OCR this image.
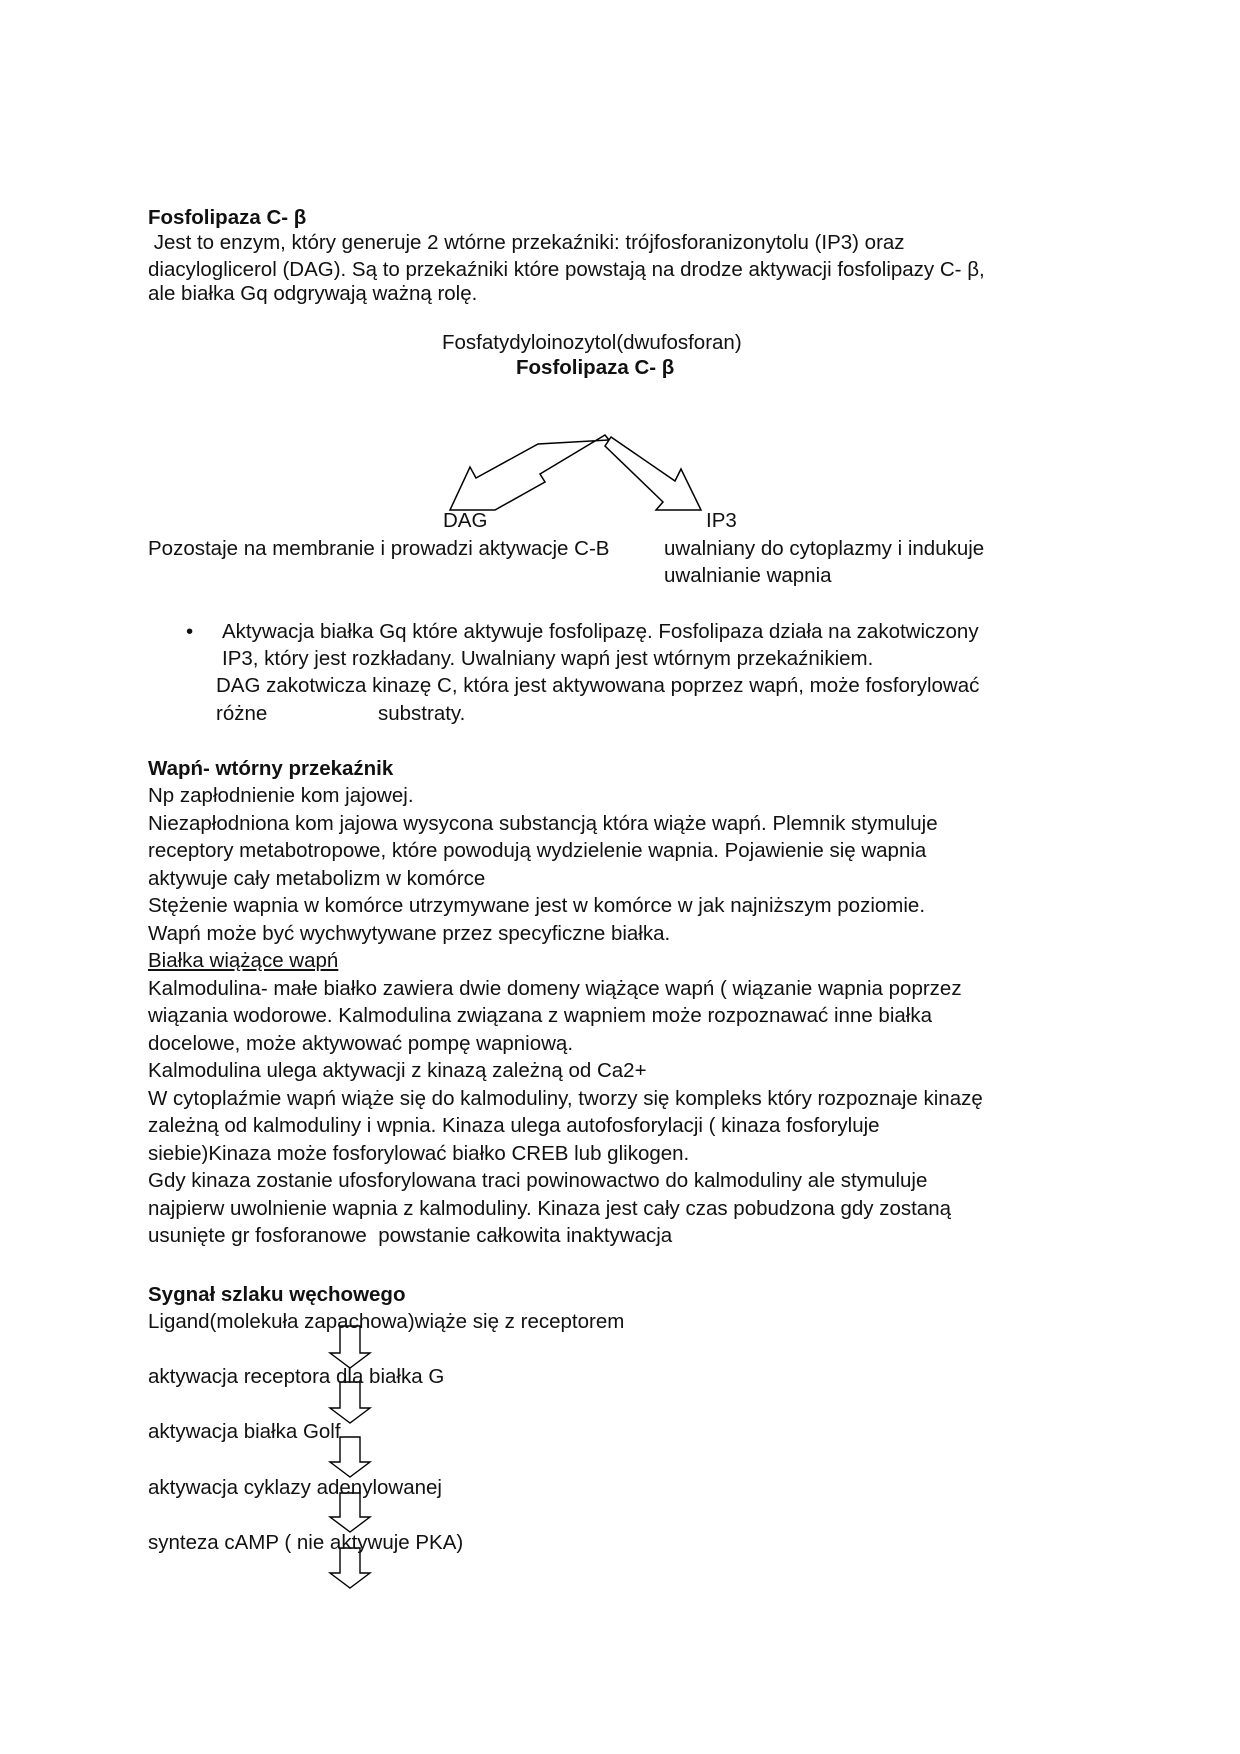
Fosfolipaza C- β
Jest to enzym, który generuje 2 wtórne przekaźniki: trójfosforanizonytolu (IP3) oraz
diacyloglicerol (DAG). Są to przekaźniki które powstają na drodze aktywacji fosfolipazy C- β,
ale białka Gq odgrywają ważną rolę.
Fosfatydyloinozytol(dwufosforan)
Fosfolipaza C- β
DAG	IP3
Pozostaje na membranie i prowadzi aktywacje C-B	uwalniany do cytoplazmy i indukuje
uwalnianie wapnia
• Aktywacja białka Gq które aktywuje fosfolipazę. Fosfolipaza działa na zakotwiczony
IP3, który jest rozkładany. Uwalniany wapń jest wtórnym przekaźnikiem.
DAG zakotwicza kinazę C, która jest aktywowana poprzez wapń, może fosforylować
różne	substraty.
Wapń- wtórny przekaźnik
Np zapłodnienie kom jajowej.
Niezapłodniona kom jajowa wysycona substancją która wiąże wapń. Plemnik stymuluje
receptory metabotropowe, które powodują wydzielenie wapnia. Pojawienie się wapnia
aktywuje cały metabolizm w komórce
Stężenie wapnia w komórce utrzymywane jest w komórce w jak najniższym poziomie.
Wapń może być wychwytywane przez specyficzne białka.
Białka wiążące wapń
Kalmodulina- małe białko zawiera dwie domeny wiążące wapń ( wiązanie wapnia poprzez
wiązania wodorowe. Kalmodulina związana z wapniem może rozpoznawać inne białka
docelowe, może aktywować pompę wapniową.
Kalmodulina ulega aktywacji z kinazą zależną od Ca2+
W cytoplaźmie wapń wiąże się do kalmoduliny, tworzy się kompleks który rozpoznaje kinazę
zależną od kalmoduliny i wpnia. Kinaza ulega autofosforylacji ( kinaza fosforyluje
siebie)Kinaza może fosforylować białko CREB lub glikogen.
Gdy kinaza zostanie ufosforylowana traci powinowactwo do kalmoduliny ale stymuluje
najpierw uwolnienie wapnia z kalmoduliny. Kinaza jest cały czas pobudzona gdy zostaną
usunięte gr fosforanowe  powstanie całkowita inaktywacja
Sygnał szlaku węchowego
Ligand(molekuła zapachowa)wiąże się z receptorem
aktywacja receptora dla białka G
aktywacja białka Golf
aktywacja cyklazy adenylowanej
synteza cAMP ( nie aktywuje PKA)
